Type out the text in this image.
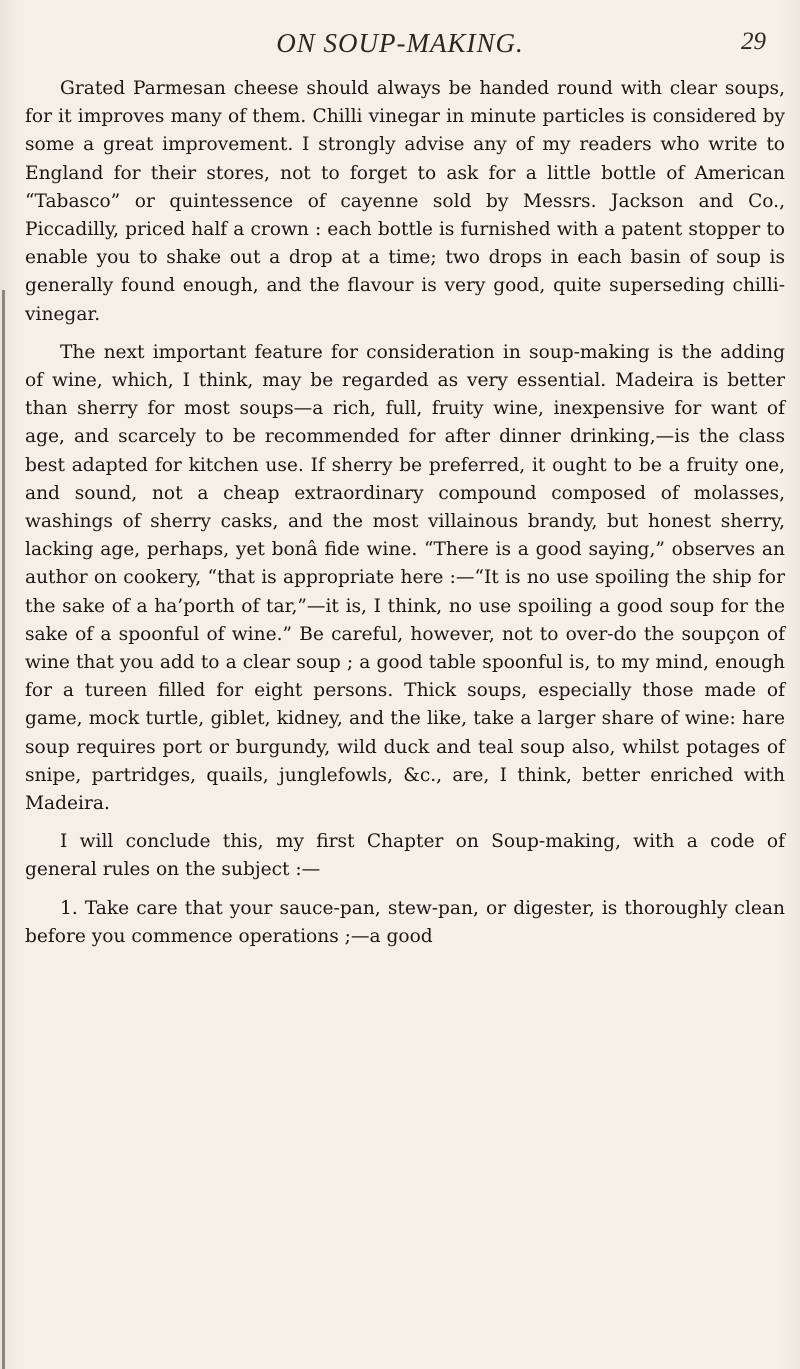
ON SOUP-MAKING.	29

Grated Parmesan cheese should always be handed round with clear soups, for it improves many of them. Chilli vinegar in minute particles is considered by some a great improvement. I strongly advise any of my readers who write to England for their stores, not to forget to ask for a little bottle of American “Tabasco” or quintessence of cayenne sold by Messrs. Jackson and Co., Piccadilly, priced half a crown : each bottle is furnished with a patent stopper to enable you to shake out a drop at a time; two drops in each basin of soup is generally found enough, and the flavour is very good, quite superseding chilli-vinegar.

The next important feature for consideration in soup-making is the adding of wine, which, I think, may be regarded as very essential. Madeira is better than sherry for most soups—a rich, full, fruity wine, inexpensive for want of age, and scarcely to be recommended for after dinner drinking,—is the class best adapted for kitchen use. If sherry be preferred, it ought to be a fruity one, and sound, not a cheap extraordinary compound composed of molasses, washings of sherry casks, and the most villainous brandy, but honest sherry, lacking age, perhaps, yet bonâ fide wine. “There is a good saying,” observes an author on cookery, “that is appropriate here :—“It is no use spoiling the ship for the sake of a ha’porth of tar,”—it is, I think, no use spoiling a good soup for the sake of a spoonful of wine.” Be careful, however, not to over-do the soupçon of wine that you add to a clear soup ; a good table spoonful is, to my mind, enough for a tureen filled for eight persons. Thick soups, especially those made of game, mock turtle, giblet, kidney, and the like, take a larger share of wine: hare soup requires port or burgundy, wild duck and teal soup also, whilst potages of snipe, partridges, quails, junglefowls, &c., are, I think, better enriched with Madeira.

I will conclude this, my first Chapter on Soup-making, with a code of general rules on the subject :—

1. Take care that your sauce-pan, stew-pan, or digester, is thoroughly clean before you commence operations ;—a good
